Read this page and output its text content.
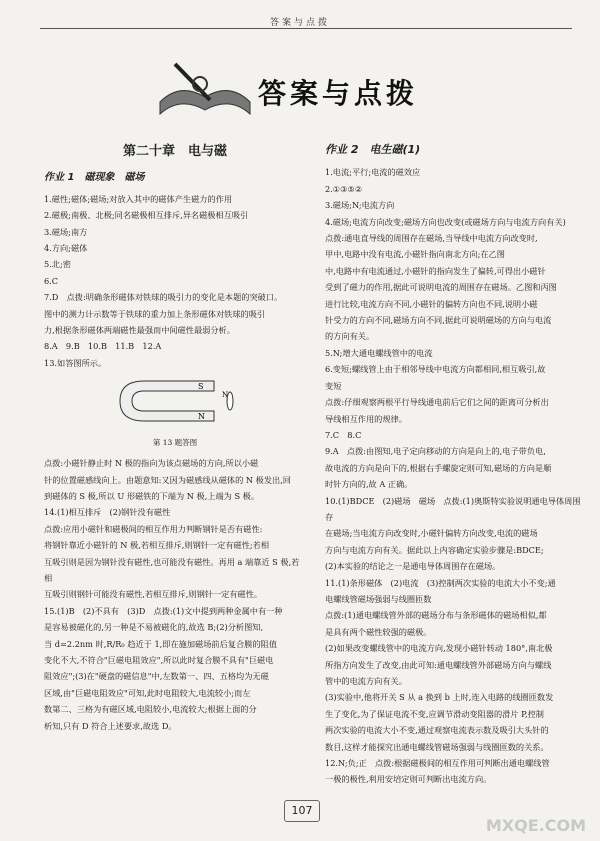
答案与点拨
答案与点拨
第二十章　电与磁
作业 1　磁现象　磁场

1.磁性;磁体;磁场;对放入其中的磁体产生磁力的作用

2.磁极;南极、北极;同名磁极相互排斥,异名磁极相互吸引

3.磁场;南方

4.方向;磁体

5.北;密

6.C

7.D　点拨:明确条形磁体对铁球的吸引力的变化是本题的突破口。

图中的测力计示数等于铁球的重力加上条形磁体对铁球的吸引

力,根据条形磁体两端磁性最强而中间磁性最弱分析。

8.A　9.B　10.B　11.B　12.A

13.如答图所示。

S
N
N
第 13 题答图

点拨:小磁针静止时 N 极的指向为该点磁场的方向,所以小磁

针的位置磁感线向上。由题意知:又因为磁感线从磁体的 N 极发出,回

到磁体的 S 极,所以 U 形磁铁的下端为 N 极,上端为 S 极。

14.(1)相互排斥　(2)钢针没有磁性

点拨:应用小磁针和磁极间的相互作用力判断钢针是否有磁性:

将钢针靠近小磁针的 N 极,若相互排斥,则钢针一定有磁性;若相

互吸引则是因为钢针没有磁性,也可能没有磁性。再用 a 端靠近 S 极,若相

互吸引则钢针可能没有磁性,若相互排斥,则钢针一定有磁性。

15.(1)B　(2)不具有　(3)D　点拨:(1)文中提到两种金属中有一种

是容易被磁化的,另一种是不易被磁化的,故选 B;(2)分析图知,

当 d=2.2nm 时,R/R₀ 趋近于 1,即在施加磁场前后复合膜的阻值

变化不大,不符合"巨磁电阻效应",所以此时复合膜不具有"巨磁电

阻效应";(3)在"硬盘的磁信息"中,左数第一、四、五格均为无磁

区域,由"巨磁电阻效应"可知,此时电阻较大,电流较小;而左

数第二、三格为有磁区域,电阻较小,电流较大;根据上面的分

析知,只有 D 符合上述要求,故选 D。

作业 2　电生磁(1)

1.电流;平行;电流的磁效应

2.①③⑤②

3.磁场;N;电流方向

4.磁场;电流方向改变;磁场方向也改变(或磁场方向与电流方向有关)

点拨:通电直导线的周围存在磁场,当导线中电流方向改变时,

甲中,电路中没有电流,小磁针指向南北方向;在乙图

中,电路中有电流通过,小磁针的指向发生了偏转,可得出小磁针

受到了磁力的作用,据此可说明电流的周围存在磁场。乙图和丙图

进行比较,电流方向不同,小磁针的偏转方向也不同,说明小磁

针受力的方向不同,磁场方向不同,据此可说明磁场的方向与电流

的方向有关。

5.N;增大通电螺线管中的电流

6.变短;螺线管上由于相邻导线中电流方向都相同,相互吸引,故

变短

点拨:仔细观察两根平行导线通电前后它们之间的距离可分析出

导线相互作用的规律。

7.C　8.C

9.A　点拨:由图知,电子定向移动的方向是向上的,电子带负电,

故电流的方向是向下的,根据右手螺旋定则可知,磁场的方向是顺

时针方向的,故 A 正确。

10.(1)BDCE　(2)磁场　磁场　点拨:(1)奥斯特实验说明通电导体周围存

在磁场;当电流方向改变时,小磁针偏转方向改变,电流的磁场

方向与电流方向有关。据此以上内容确定实验步骤是:BDCE;

(2)本实验的结论之一是通电导体周围存在磁场。

11.(1)条形磁体　(2)电流　(3)控制两次实验的电流大小不变;通

电螺线管磁场强弱与线圈匝数

点拨:(1)通电螺线管外部的磁场分布与条形磁体的磁场相似,都

是具有两个磁性较强的磁极。

(2)如果改变螺线管中的电流方向,发现小磁针转动 180°,南北极

所指方向发生了改变,由此可知:通电螺线管外部磁场方向与螺线

管中的电流方向有关。

(3)实验中,他将开关 S 从 a 换到 b 上时,连入电路的线圈匝数发

生了变化,为了保证电流不变,应调节滑动变阻器的滑片 P,控制

两次实验的电流大小不变,通过观察电流表示数及吸引大头针的

数目,这样才能探究出通电螺线管磁场强弱与线圈匝数的关系。

12.N;负;正　点拨:根据磁极间的相互作用可判断出通电螺线管

一极的极性,利用安培定则可判断出电流方向。

107
MXQE.COM
